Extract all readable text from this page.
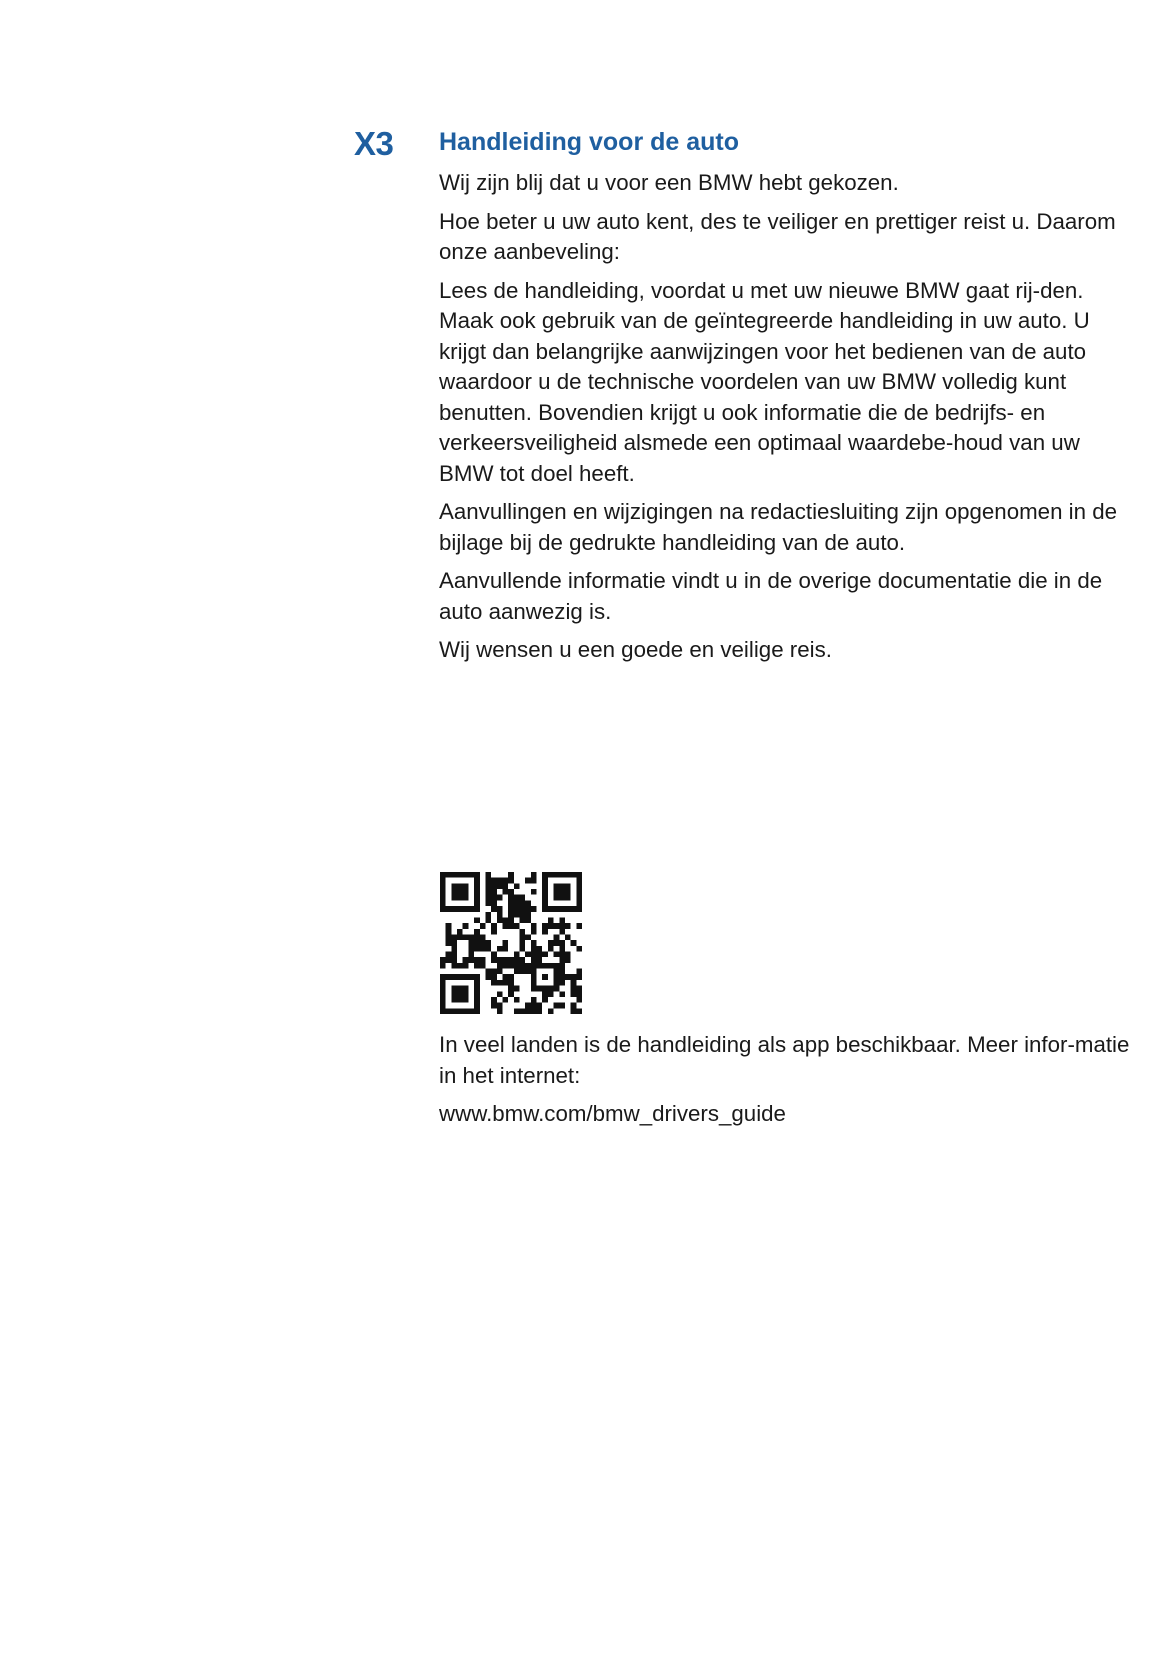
X3 Handleiding voor de auto

Wij zijn blij dat u voor een BMW hebt gekozen.

Hoe beter u uw auto kent, des te veiliger en prettiger reist u. Daarom onze aanbeveling:

Lees de handleiding, voordat u met uw nieuwe BMW gaat rij-den. Maak ook gebruik van de geïntegreerde handleiding in uw auto. U krijgt dan belangrijke aanwijzingen voor het bedienen van de auto waardoor u de technische voordelen van uw BMW volledig kunt benutten. Bovendien krijgt u ook informatie die de bedrijfs- en verkeersveiligheid alsmede een optimaal waardebe-houd van uw BMW tot doel heeft.

Aanvullingen en wijzigingen na redactiesluiting zijn opgenomen in de bijlage bij de gedrukte handleiding van de auto.

Aanvullende informatie vindt u in de overige documentatie die in de auto aanwezig is.

Wij wensen u een goede en veilige reis.

In veel landen is de handleiding als app beschikbaar. Meer infor-matie in het internet:

www.bmw.com/bmw_drivers_guide
